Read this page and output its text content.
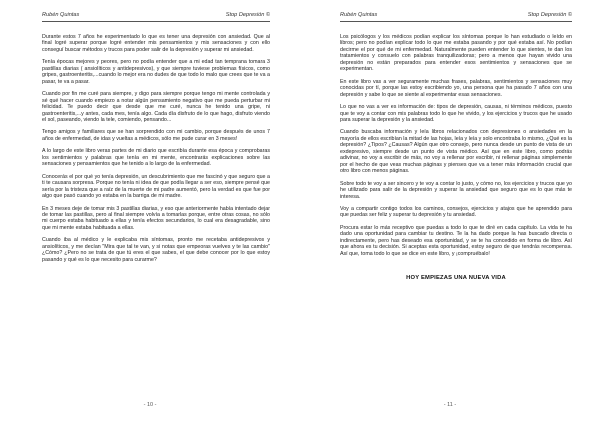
Rubén Quintas	Stop Depresión ©

Durante estos 7 años he experimentado lo que es tener una depresión con ansiedad. Que al final logré superar porque logré entender mis pensamientos y mis sensaciones y con ello conseguí buscar métodos y trucos para poder salir de la depresión y superar mi ansiedad.

Tenía épocas mejores y peores, pero no podía entender que a mi edad tan temprana tomara 3 pastillas diarias ( ansiolíticos y antidepresivos), y que siempre tuviese problemas físicos, como gripes, gastroenteritis,...cuando lo mejor era no dudes de que todo lo malo que crees que te va a pasar, te va a pasar.

Cuando por fin me curé para siempre, y digo para siempre porque tengo mi mente controlada y sé qué hacer cuando empiezo a notar algún pensamiento negativo que me pueda perturbar mi felicidad. Te puedo decir que desde que me curé, nunca he tenido una gripe, ni gastroenteritis,...y antes, cada mes, tenía algo. Cada día disfruto de lo que hago, disfruto viendo el sol, paseando, viendo la tele, comiendo, pensando...

Tengo amigos y familiares que se han sorprendido con mi cambio, porque después de unos 7 años de enfermedad, de idas y vueltas a médicos, sólo me pude curar en 3 meses!

A lo largo de este libro veras partes de mi diario que escribía durante esa época y comprobaras los sentimientos y palabras que tenía en mi mente, encontrarás explicaciones sobre las sensaciones y pensamientos que he tenido a lo largo de la enfermedad.

Conocerás el por qué yo tenía depresión, un descubrimiento que me fascinó y que seguro que a ti te causara sorpresa. Porque no tenía ni idea de que podía llegar a ser eso, siempre pensé que sería por la tristeza que a raíz de la muerte de mi padre aumentó, pero la verdad es que fue por algo que pasó cuando yo estaba en la barriga de mi madre.

En 3 meses deje de tomar mis 3 pastillas diarias, y eso que anteriormente había intentado dejar de tomar las pastillas, pero al final siempre volvía a tomarlas porque, entre otras cosas, no sólo mi cuerpo estaba habituado a ellas y tenía efectos secundarios, lo cual era desagradable, sino que mi mente estaba habituada a ellas.

Cuando iba al médico y le explicaba mis síntomas, pronto me recetaba antidepresivos y ansiolíticos, y me decían "Mira que tal te van, y si notas que empeoras vuelves y te las cambio" ¿Cómo? ¿Pero no se trata de que tú eres el que sabes, el que debe conocer por lo que estoy pasando y qué es lo que necesito para curarme?

- 10 -
Rubén Quintas	Stop Depresión ©

Los psicólogos y los médicos podían explicar los síntomas porque lo han estudiado o leído en libros; pero no podían explicar todo lo que me estaba pasando y por qué estaba así. No podían decirme el por qué de mi enfermedad. Naturalmente pueden entender lo que sientes, te dan los tratamientos y consuelo con palabras tranquilizadoras; pero a menos que hayan vivido una depresión no están preparados para entender esos sentimientos y sensaciones que se experimentan.

En este libro vas a ver seguramente muchas frases, palabras, sentimientos y sensaciones muy conocidas por tí, porque las estoy escribiendo yo, una persona que ha pasado 7 años con una depresión y sabe lo que se siente al experimentar esas sensaciones.

Lo que no vas a ver es información de: tipos de depresión, causas, ni términos médicos, puesto que te voy a contar con mis palabras todo lo que he vivido, y los ejercicios y trucos que he usado para superar la depresión y la ansiedad.

Cuando buscaba información y leía libros relacionados con depresiones o ansiedades en la mayoría de ellos escribían la mitad de las hojas, leía y leía y solo encontraba lo mismo, ¿Qué es la depresión? ¿Tipos? ¿Causas? Algún que otro consejo, pero nunca desde un punto de vista de un exdepresivo, siempre desde un punto de vista médico. Así que en este libro, como podrás adivinar, no voy a escribir de más, no voy a rellenar por escribir, ni rellenar páginas simplemente por el hecho de que veas muchas páginas y pienses que va a tener más información crucial que otro libro con menos páginas.

Sobre todo te voy a ser sincero y te voy a contar lo justo, y cómo no, los ejercicios y trucos que yo he utilizado para salir de la depresión y superar la ansiedad que seguro que es lo que más te interesa.

Voy a compartir contigo todos los caminos, consejos, ejercicios y atajos que he aprendido para que puedas ser feliz y superar tu depresión y tu ansiedad.

Procura estar lo más receptivo que puedas a todo lo que te diré en cada capítulo. La vida te ha dado una oportunidad para cambiar tu destino. Te la ha dado porque la has buscado directa o indirectamente, pero has deseado esa oportunidad, y se te ha concedido en forma de libro. Así que ahora es tu decisión. Si aceptas esta oportunidad, estoy seguro de que tendrás recompensa. Así que, toma todo lo que se dice en este libro, y ¡compruébalo!

HOY EMPIEZAS UNA NUEVA VIDA
- 11 -
